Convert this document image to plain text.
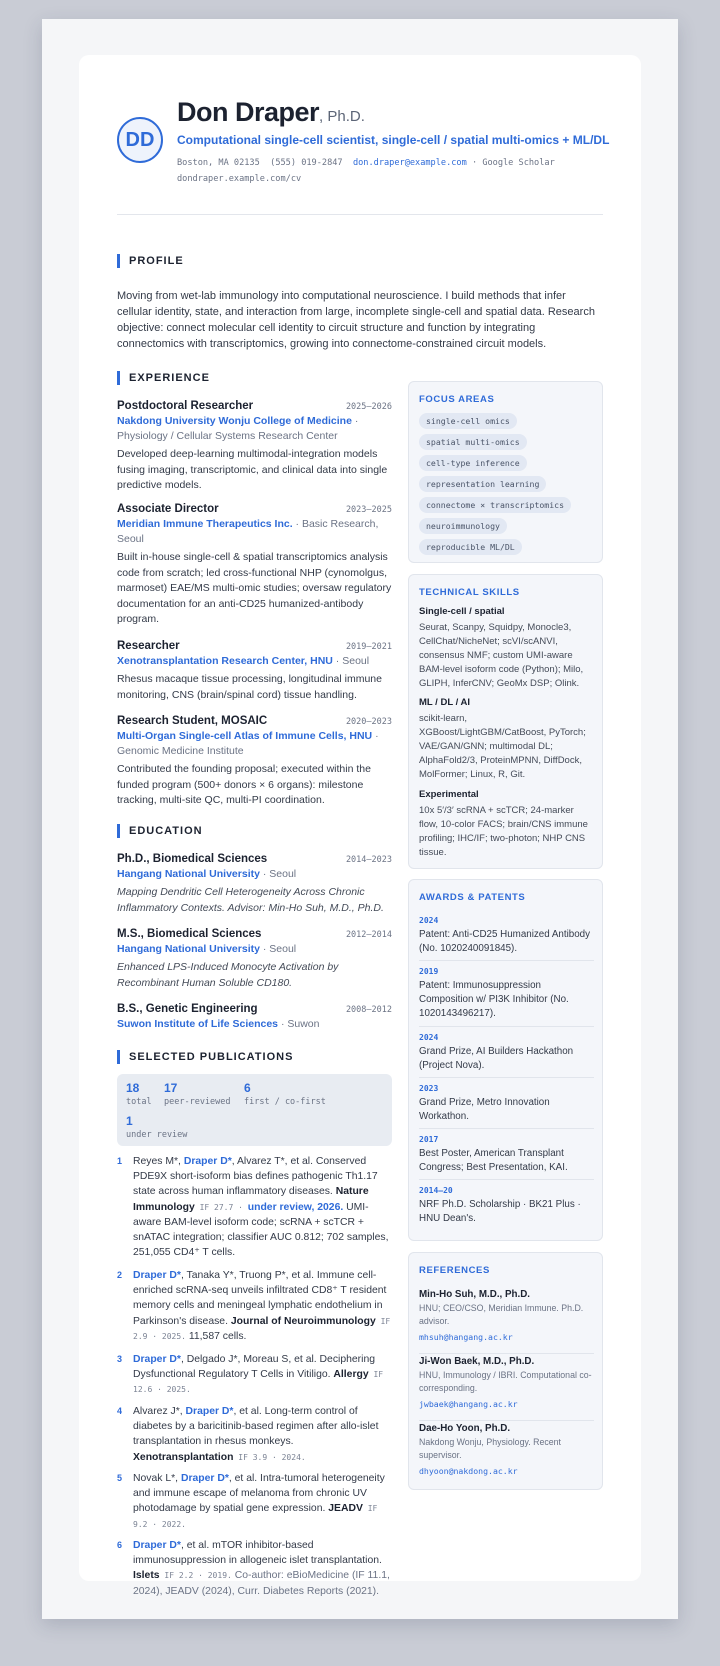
DD
Don Draper, Ph.D.
Computational single-cell scientist, single-cell / spatial multi-omics + ML/DL
Boston, MA 02135 (555) 019-2847 don.draper@example.com · Google Scholar
dondraper.example.com/cv
PROFILE
Moving from wet-lab immunology into computational neuroscience. I build methods that infer cellular identity, state, and interaction from large, incomplete single-cell and spatial data. Research objective: connect molecular cell identity to circuit structure and function by integrating connectomics with transcriptomics, growing into connectome-constrained circuit models.
EXPERIENCE
Postdoctoral Researcher	2025–2026
Nakdong University Wonju College of Medicine · Physiology / Cellular Systems Research Center
Developed deep-learning multimodal-integration models fusing imaging, transcriptomic, and clinical data into single predictive models.
Associate Director	2023–2025
Meridian Immune Therapeutics Inc. · Basic Research, Seoul
Built in-house single-cell & spatial transcriptomics analysis code from scratch; led cross-functional NHP (cynomolgus, marmoset) EAE/MS multi-omic studies; oversaw regulatory documentation for an anti-CD25 humanized-antibody program.
Researcher	2019–2021
Xenotransplantation Research Center, HNU · Seoul
Rhesus macaque tissue processing, longitudinal immune monitoring, CNS (brain/spinal cord) tissue handling.
Research Student, MOSAIC	2020–2023
Multi-Organ Single-cell Atlas of Immune Cells, HNU · Genomic Medicine Institute
Contributed the founding proposal; executed within the funded program (500+ donors × 6 organs): milestone tracking, multi-site QC, multi-PI coordination.
EDUCATION
Ph.D., Biomedical Sciences	2014–2023
Hangang National University · Seoul
Mapping Dendritic Cell Heterogeneity Across Chronic Inflammatory Contexts. Advisor: Min-Ho Suh, M.D., Ph.D.
M.S., Biomedical Sciences	2012–2014
Hangang National University · Seoul
Enhanced LPS-Induced Monocyte Activation by Recombinant Human Soluble CD180.
B.S., Genetic Engineering	2008–2012
Suwon Institute of Life Sciences · Suwon
SELECTED PUBLICATIONS
18
total
17
peer-reviewed
6
first / co-first
1
under review
1 Reyes M*, Draper D*, Alvarez T*, et al. Conserved PDE9X short-isoform bias defines pathogenic Th1.17 state across human inflammatory diseases. Nature Immunology IF 27.7 · under review, 2026. UMI-aware BAM-level isoform code; scRNA + scTCR + snATAC integration; classifier AUC 0.812; 702 samples, 251,055 CD4⁺ T cells.
2 Draper D*, Tanaka Y*, Truong P*, et al. Immune cell-enriched scRNA-seq unveils infiltrated CD8⁺ T resident memory cells and meningeal lymphatic endothelium in Parkinson's disease. Journal of Neuroimmunology IF 2.9 · 2025. 11,587 cells.
3 Draper D*, Delgado J*, Moreau S, et al. Deciphering Dysfunctional Regulatory T Cells in Vitiligo. Allergy IF 12.6 · 2025.
4 Alvarez J*, Draper D*, et al. Long-term control of diabetes by a baricitinib-based regimen after allo-islet transplantation in rhesus monkeys. Xenotransplantation IF 3.9 · 2024.
5 Novak L*, Draper D*, et al. Intra-tumoral heterogeneity and immune escape of melanoma from chronic UV photodamage by spatial gene expression. JEADV IF 9.2 · 2022.
6 Draper D*, et al. mTOR inhibitor-based immunosuppression in allogeneic islet transplantation. Islets IF 2.2 · 2019. Co-author: eBioMedicine (IF 11.1, 2024), JEADV (2024), Curr. Diabetes Reports (2021).
FOCUS AREAS
single-cell omics
spatial multi-omics
cell-type inference
representation learning
connectome × transcriptomics
neuroimmunology
reproducible ML/DL
TECHNICAL SKILLS
Single-cell / spatial
Seurat, Scanpy, Squidpy, Monocle3, CellChat/NicheNet; scVI/scANVI, consensus NMF; custom UMI-aware BAM-level isoform code (Python); Milo, GLIPH, InferCNV; GeoMx DSP; Olink.
ML / DL / AI
scikit-learn, XGBoost/LightGBM/CatBoost, PyTorch; VAE/GAN/GNN; multimodal DL; AlphaFold2/3, ProteinMPNN, DiffDock, MolFormer; Linux, R, Git.
Experimental
10x 5′/3′ scRNA + scTCR; 24-marker flow, 10-color FACS; brain/CNS immune profiling; IHC/IF; two-photon; NHP CNS tissue.
AWARDS & PATENTS
2024
Patent: Anti-CD25 Humanized Antibody (No. 1020240091845).
2019
Patent: Immunosuppression Composition w/ PI3K Inhibitor (No. 1020143496217).
2024
Grand Prize, AI Builders Hackathon (Project Nova).
2023
Grand Prize, Metro Innovation Workathon.
2017
Best Poster, American Transplant Congress; Best Presentation, KAI.
2014–20
NRF Ph.D. Scholarship · BK21 Plus · HNU Dean's.
REFERENCES
Min-Ho Suh, M.D., Ph.D.
HNU; CEO/CSO, Meridian Immune. Ph.D. advisor.
mhsuh@hangang.ac.kr
Ji-Won Baek, M.D., Ph.D.
HNU, Immunology / IBRI. Computational co-corresponding.
jwbaek@hangang.ac.kr
Dae-Ho Yoon, Ph.D.
Nakdong Wonju, Physiology. Recent supervisor.
dhyoon@nakdong.ac.kr
